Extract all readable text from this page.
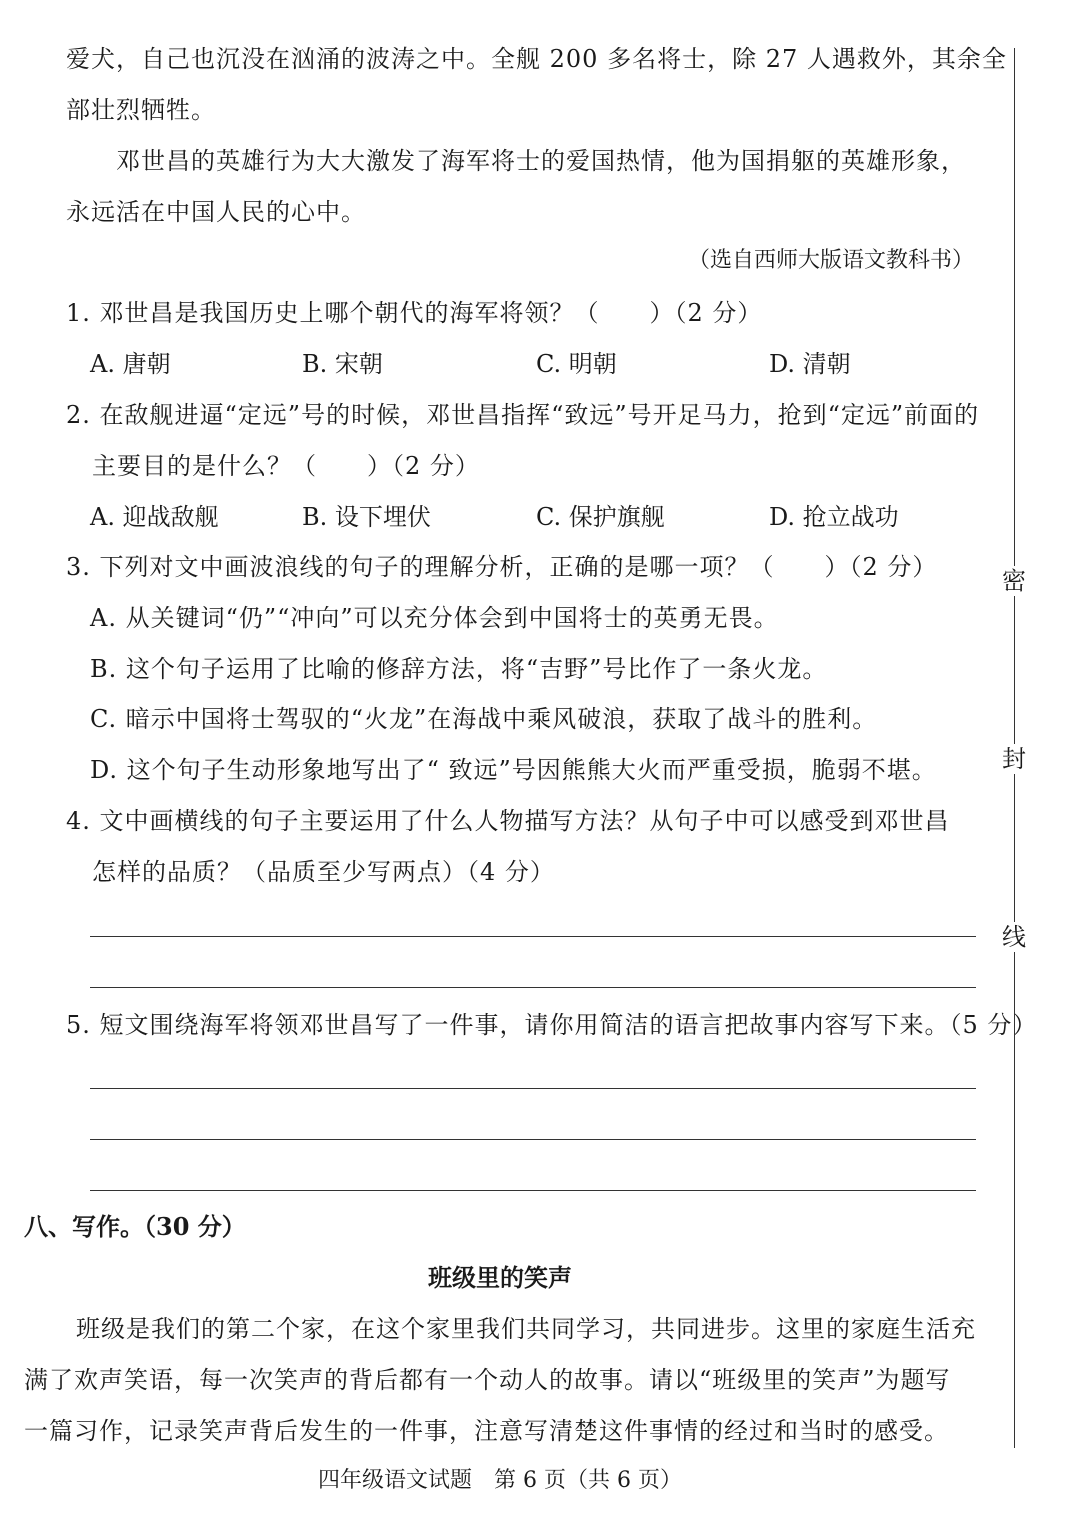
爱犬，自己也沉没在汹涌的波涛之中。全舰 200 多名将士，除 27 人遇救外，其余全
部壮烈牺牲。
邓世昌的英雄行为大大激发了海军将士的爱国热情，他为国捐躯的英雄形象，
永远活在中国人民的心中。
（选自西师大版语文教科书）
1. 邓世昌是我国历史上哪个朝代的海军将领？（　　）（2 分）
A. 唐朝	B. 宋朝	C. 明朝	D. 清朝
2. 在敌舰进逼“定远”号的时候，邓世昌指挥“致远”号开足马力，抢到“定远”前面的
主要目的是什么？（　　）（2 分）
A. 迎战敌舰	B. 设下埋伏	C. 保护旗舰	D. 抢立战功
3. 下列对文中画波浪线的句子的理解分析，正确的是哪一项？（　　）（2 分）
A. 从关键词“仍”“冲向”可以充分体会到中国将士的英勇无畏。
B. 这个句子运用了比喻的修辞方法，将“吉野”号比作了一条火龙。
C. 暗示中国将士驾驭的“火龙”在海战中乘风破浪，获取了战斗的胜利。
D. 这个句子生动形象地写出了“ 致远”号因熊熊大火而严重受损，脆弱不堪。
4. 文中画横线的句子主要运用了什么人物描写方法？从句子中可以感受到邓世昌
怎样的品质？（品质至少写两点）（4 分）
5. 短文围绕海军将领邓世昌写了一件事，请你用简洁的语言把故事内容写下来。（5 分）
八、写作。（30 分）
班级里的笑声
班级是我们的第二个家，在这个家里我们共同学习，共同进步。这里的家庭生活充
满了欢声笑语，每一次笑声的背后都有一个动人的故事。请以“班级里的笑声”为题写
一篇习作，记录笑声背后发生的一件事，注意写清楚这件事情的经过和当时的感受。
四年级语文试题　第 6 页（共 6 页）
密
封
线
